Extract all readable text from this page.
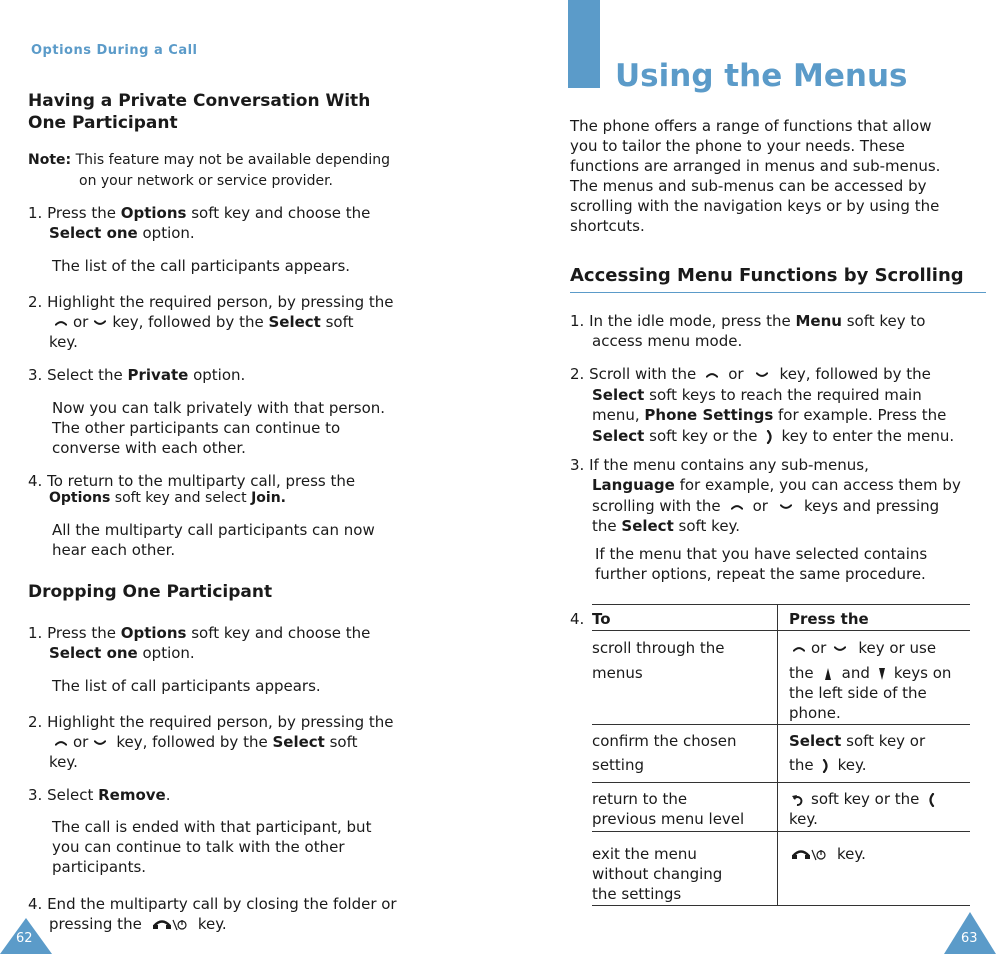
Options During a Call
Having a Private Conversation With
One Participant
Note: This feature may not be available depending
on your network or service provider.
1. Press the Options soft key and choose the
Select one option.
The list of the call participants appears.
2. Highlight the required person, by pressing the
or key, followed by the Select soft
key.
3. Select the Private option.
Now you can talk privately with that person.
The other participants can continue to
converse with each other.
4. To return to the multiparty call, press the
Options soft key and select Join.
All the multiparty call participants can now
hear each other.
Dropping One Participant
1. Press the Options soft key and choose the
Select one option.
The list of call participants appears.
2. Highlight the required person, by pressing the
or key, followed by the Select soft
key.
3. Select Remove.
The call is ended with that participant, but
you can continue to talk with the other
participants.
4. End the multiparty call by closing the folder or
pressing the	key.
62
Using the Menus
The phone offers a range of functions that allow
you to tailor the phone to your needs. These
functions are arranged in menus and sub-menus.
The menus and sub-menus can be accessed by
scrolling with the navigation keys or by using the
shortcuts.
Accessing Menu Functions by Scrolling
1. In the idle mode, press the Menu soft key to
access menu mode.
2. Scroll with the or key, followed by the
Select soft keys to reach the required main
menu, Phone Settings for example. Press the
Select soft key or the key to enter the menu.
3. If the menu contains any sub-menus,
Language for example, you can access them by
scrolling with the or keys and pressing
the Select soft key.
If the menu that you have selected contains
further options, repeat the same procedure.
4. To	Press the
scroll through the
menus
or key or use
the and keys on
the left side of the
phone.
confirm the chosen
setting
Select soft key or
the key.
return to the
previous menu level
soft key or the
key.
exit the menu
without changing
the settings
key.
63
